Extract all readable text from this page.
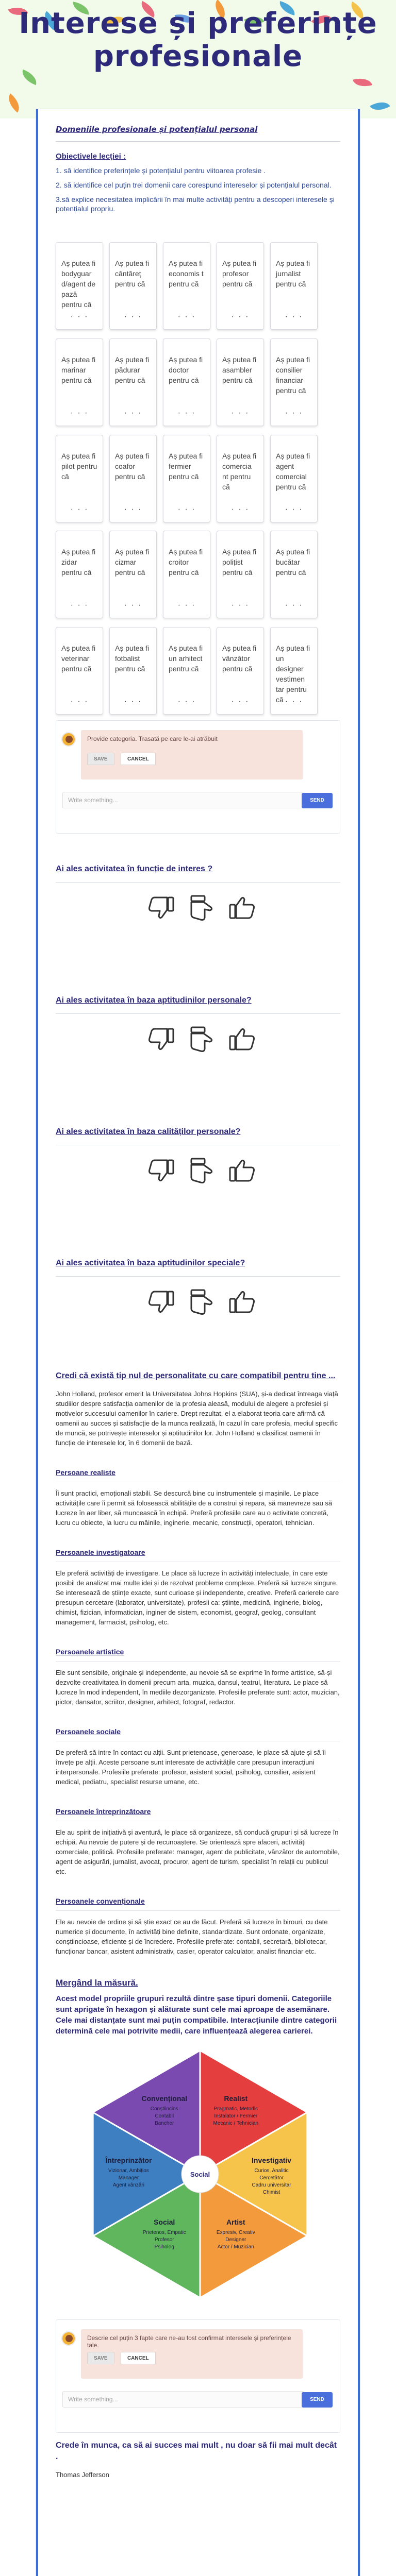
Interese și preferințe
profesionale
Domeniile profesionale și potențialul personal
Obiectivele lecției :
1. să identifice preferințele și potențialul pentru viitoarea profesie .
2. să identifice cel puțin trei domenii care corespund intereselor și potențialul personal.
3.să explice necesitatea implicării în mai multe activități pentru a descoperi interesele și potențialul propriu.
Aș putea fi bodyguar d/agent de pază pentru că
· · ·
Aș putea fi cântăreț pentru că
· · ·
Aș putea fi economis t pentru că
· · ·
Aș putea fi profesor pentru că
· · ·
Aș putea fi jurnalist pentru că
· · ·
Aș putea fi marinar pentru că
· · ·
Aș putea fi pădurar pentru că
· · ·
Aș putea fi doctor pentru că
· · ·
Aș putea fi asambler pentru că
· · ·
Aș putea fi consilier financiar pentru că
· · ·
Aș putea fi pilot pentru că
· · ·
Aș putea fi coafor pentru că
· · ·
Aș putea fi fermier pentru că
· · ·
Aș putea fi comercia nt pentru că
· · ·
Aș putea fi agent comercial pentru că
· · ·
Aș putea fi zidar pentru că
· · ·
Aș putea fi cizmar pentru că
· · ·
Aș putea fi croitor pentru că
· · ·
Aș putea fi polițist pentru că
· · ·
Aș putea fi bucătar pentru că
· · ·
Aș putea fi veterinar pentru că
· · ·
Aș putea fi fotbalist pentru că
· · ·
Aș putea fi un arhitect pentru că
· · ·
Aș putea fi vânzător pentru că
· · ·
Aș putea fi un designer vestimen tar pentru că · · ·
Provide categoria. Trasată pe care le-ai atrăbuit
SAVE	CANCEL
Write something...	SEND
Ai ales activitatea în funcție de interes ?
Ai ales activitatea în baza aptitudinilor personale?
Ai ales activitatea în baza calităților personale?
Ai ales activitatea în baza aptitudinilor speciale?
Credi că există tip nul de personalitate cu care compatibil pentru tine ...
John Holland, profesor emerit la Universitatea Johns Hopkins (SUA), și-a dedicat întreaga viață studiilor despre satisfacția oamenilor de la profesia aleasă, modului de alegere a profesiei și motivelor succesului oamenilor în cariere. Drept rezultat, el a elaborat teoria care afirmă că oamenii au succes și satisfacție de la munca realizată, în cazul în care profesia, mediul specific de muncă, se potrivește intereselor și aptitudinilor lor. John Holland a clasificat oamenii în funcție de interesele lor, în 6 domenii de bază.
Persoane realiste
Îi sunt practici, emoționali stabili. Se descurcă bine cu instrumentele și mașinile. Le place activitățile care îi permit să folosească abilitățile de a construi și repara, să manevreze sau să lucreze în aer liber, să muncească în echipă. Preferă profesiile care au o activitate concretă, lucru cu obiecte, la lucru cu mâinile, inginerie, mecanic, construcții, operatori, tehnician.
Persoanele investigatoare
Ele preferă activități de investigare. Le place să lucreze în activități intelectuale, în care este posibil de analizat mai multe idei și de rezolvat probleme complexe. Preferă să lucreze singure. Se interesează de științe exacte, sunt curioase și independente, creative. Preferă carierele care presupun cercetare (laborator, universitate), profesii ca: științe, medicină, inginerie, biolog, chimist, fizician, informatician, inginer de sistem, economist, geograf, geolog, consultant management, farmacist, psiholog, etc.
Persoanele artistice
Ele sunt sensibile, originale și independente, au nevoie să se exprime în forme artistice, să-și dezvolte creativitatea în domenii precum arta, muzica, dansul, teatrul, literatura. Le place să lucreze în mod independent, în mediile dezorganizate. Profesiile preferate sunt: actor, muzician, pictor, dansator, scriitor, designer, arhitect, fotograf, redactor.
Persoanele sociale
De preferă să intre în contact cu alții. Sunt prietenoase, generoase, le place să ajute și să îi învețe pe alții. Aceste persoane sunt interesate de activitățile care presupun interacțiuni interpersonale. Profesiile preferate: profesor, asistent social, psiholog, consilier, asistent medical, pediatru, specialist resurse umane, etc.
Persoanele întreprinzătoare
Ele au spirit de inițiativă și aventură, le place să organizeze, să conducă grupuri și să lucreze în echipă. Au nevoie de putere și de recunoaștere. Se orientează spre afaceri, activități comerciale, politică. Profesiile preferate: manager, agent de publicitate, vânzător de automobile, agent de asigurări, jurnalist, avocat, procuror, agent de turism, specialist în relații cu publicul etc.
Persoanele convenționale
Ele au nevoie de ordine și să știe exact ce au de făcut. Preferă să lucreze în birouri, cu date numerice și documente, în activități bine definite, standardizate. Sunt ordonate, organizate, conștiincioase, eficiente și de încredere. Profesiile preferate: contabil, secretară, bibliotecar, funcționar bancar, asistent administrativ, casier, operator calculator, analist financiar etc.
Mergând la măsură.
Acest model propriile grupuri rezultă dintre șase tipuri domenii. Categoriile sunt aprigate în hexagon și alăturate sunt cele mai aproape de asemănare. Cele mai distanțate sunt mai puțin compatibile. Interacțiunile dintre categorii determină cele mai potrivite medii, care influențează alegerea carierei.
Realist
Pragmatic, Metodic
Instalator / Fermier
Mecanic / Tehnician
Investigativ
Curios, Analitic
Cercetător
Cadru universitar
Chimist
Artist
Expresiv, Creativ
Designer
Actor / Muzician
Social
Prietenos, Empatic
Profesor
Psiholog
Întreprinzător
Vizionar, Ambițios
Manager
Agent vânzări
Convențional
Conștiincios
Contabil
Bancher
Social
Descrie cel puțin 3 fapte care ne-au fost confirmat interesele și preferințele tale.
SAVE	CANCEL
Write something...	SEND
Crede în munca, ca să ai succes mai mult , nu doar să fii mai mult decât .
Thomas Jefferson
